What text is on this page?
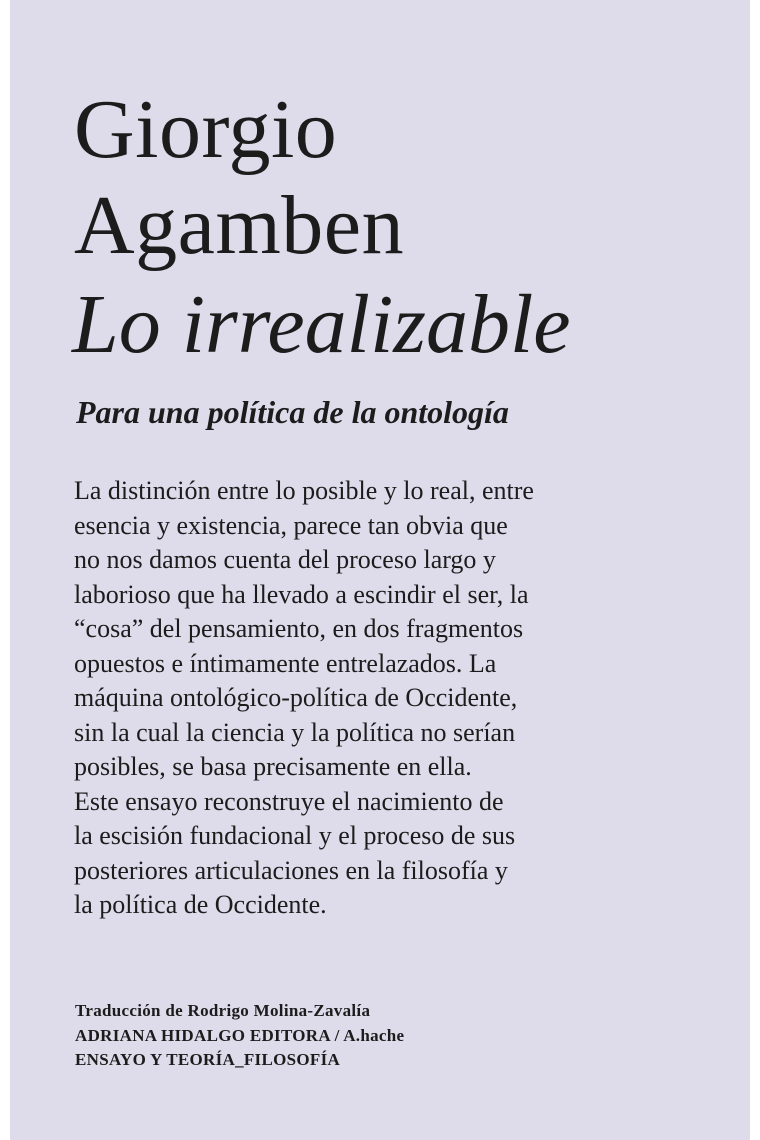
Giorgio
Agamben
Lo irrealizable
Para una política de la ontología
La distinción entre lo posible y lo real, entre
esencia y existencia, parece tan obvia que
no nos damos cuenta del proceso largo y
laborioso que ha llevado a escindir el ser, la
“cosa” del pensamiento, en dos fragmentos
opuestos e íntimamente entrelazados. La
máquina ontológico-política de Occidente,
sin la cual la ciencia y la política no serían
posibles, se basa precisamente en ella.
Este ensayo reconstruye el nacimiento de
la escisión fundacional y el proceso de sus
posteriores articulaciones en la filosofía y
la política de Occidente.
Traducción de Rodrigo Molina-Zavalía
ADRIANA HIDALGO EDITORA / A.hache
ENSAYO Y TEORÍA_FILOSOFÍA
